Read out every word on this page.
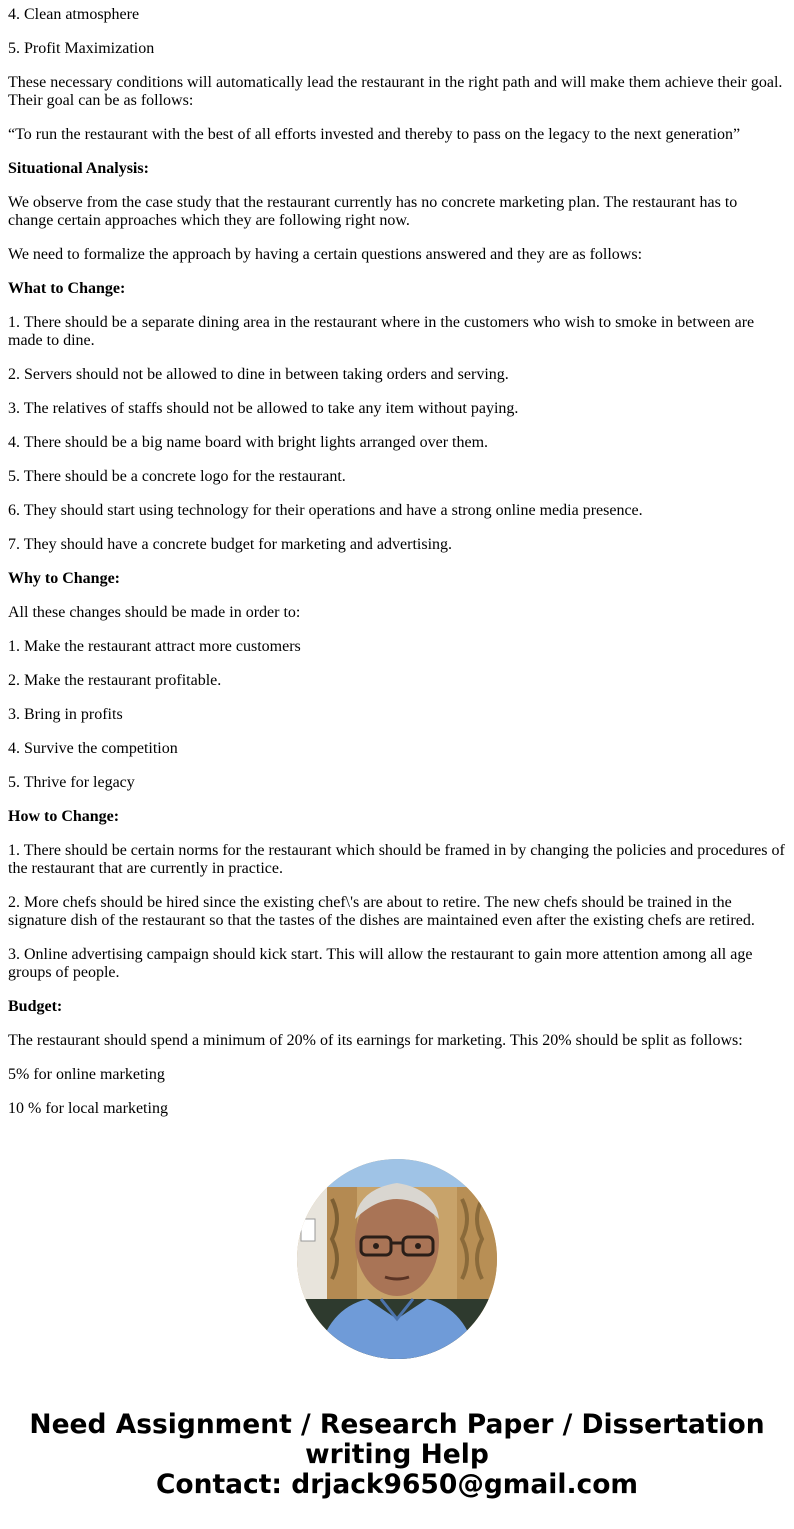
4. Clean atmosphere

5. Profit Maximization

These necessary conditions will automatically lead the restaurant in the right path and will make them achieve their goal. Their goal can be as follows:

“To run the restaurant with the best of all efforts invested and thereby to pass on the legacy to the next generation”

Situational Analysis:

We observe from the case study that the restaurant currently has no concrete marketing plan. The restaurant has to change certain approaches which they are following right now.

We need to formalize the approach by having a certain questions answered and they are as follows:

What to Change:

1. There should be a separate dining area in the restaurant where in the customers who wish to smoke in between are made to dine.

2. Servers should not be allowed to dine in between taking orders and serving.

3. The relatives of staffs should not be allowed to take any item without paying.

4. There should be a big name board with bright lights arranged over them.

5. There should be a concrete logo for the restaurant.

6. They should start using technology for their operations and have a strong online media presence.

7. They should have a concrete budget for marketing and advertising.

Why to Change:

All these changes should be made in order to:

1. Make the restaurant attract more customers

2. Make the restaurant profitable.

3. Bring in profits

4. Survive the competition

5. Thrive for legacy

How to Change:

1. There should be certain norms for the restaurant which should be framed in by changing the policies and procedures of the restaurant that are currently in practice.

2. More chefs should be hired since the existing chef\'s are about to retire. The new chefs should be trained in the signature dish of the restaurant so that the tastes of the dishes are maintained even after the existing chefs are retired.

3. Online advertising campaign should kick start. This will allow the restaurant to gain more attention among all age groups of people.

Budget:

The restaurant should spend a minimum of 20% of its earnings for marketing. This 20% should be split as follows:

5% for online marketing

10 % for local marketing

Need Assignment / Research Paper / Dissertation
writing Help
Contact: drjack9650@gmail.com
